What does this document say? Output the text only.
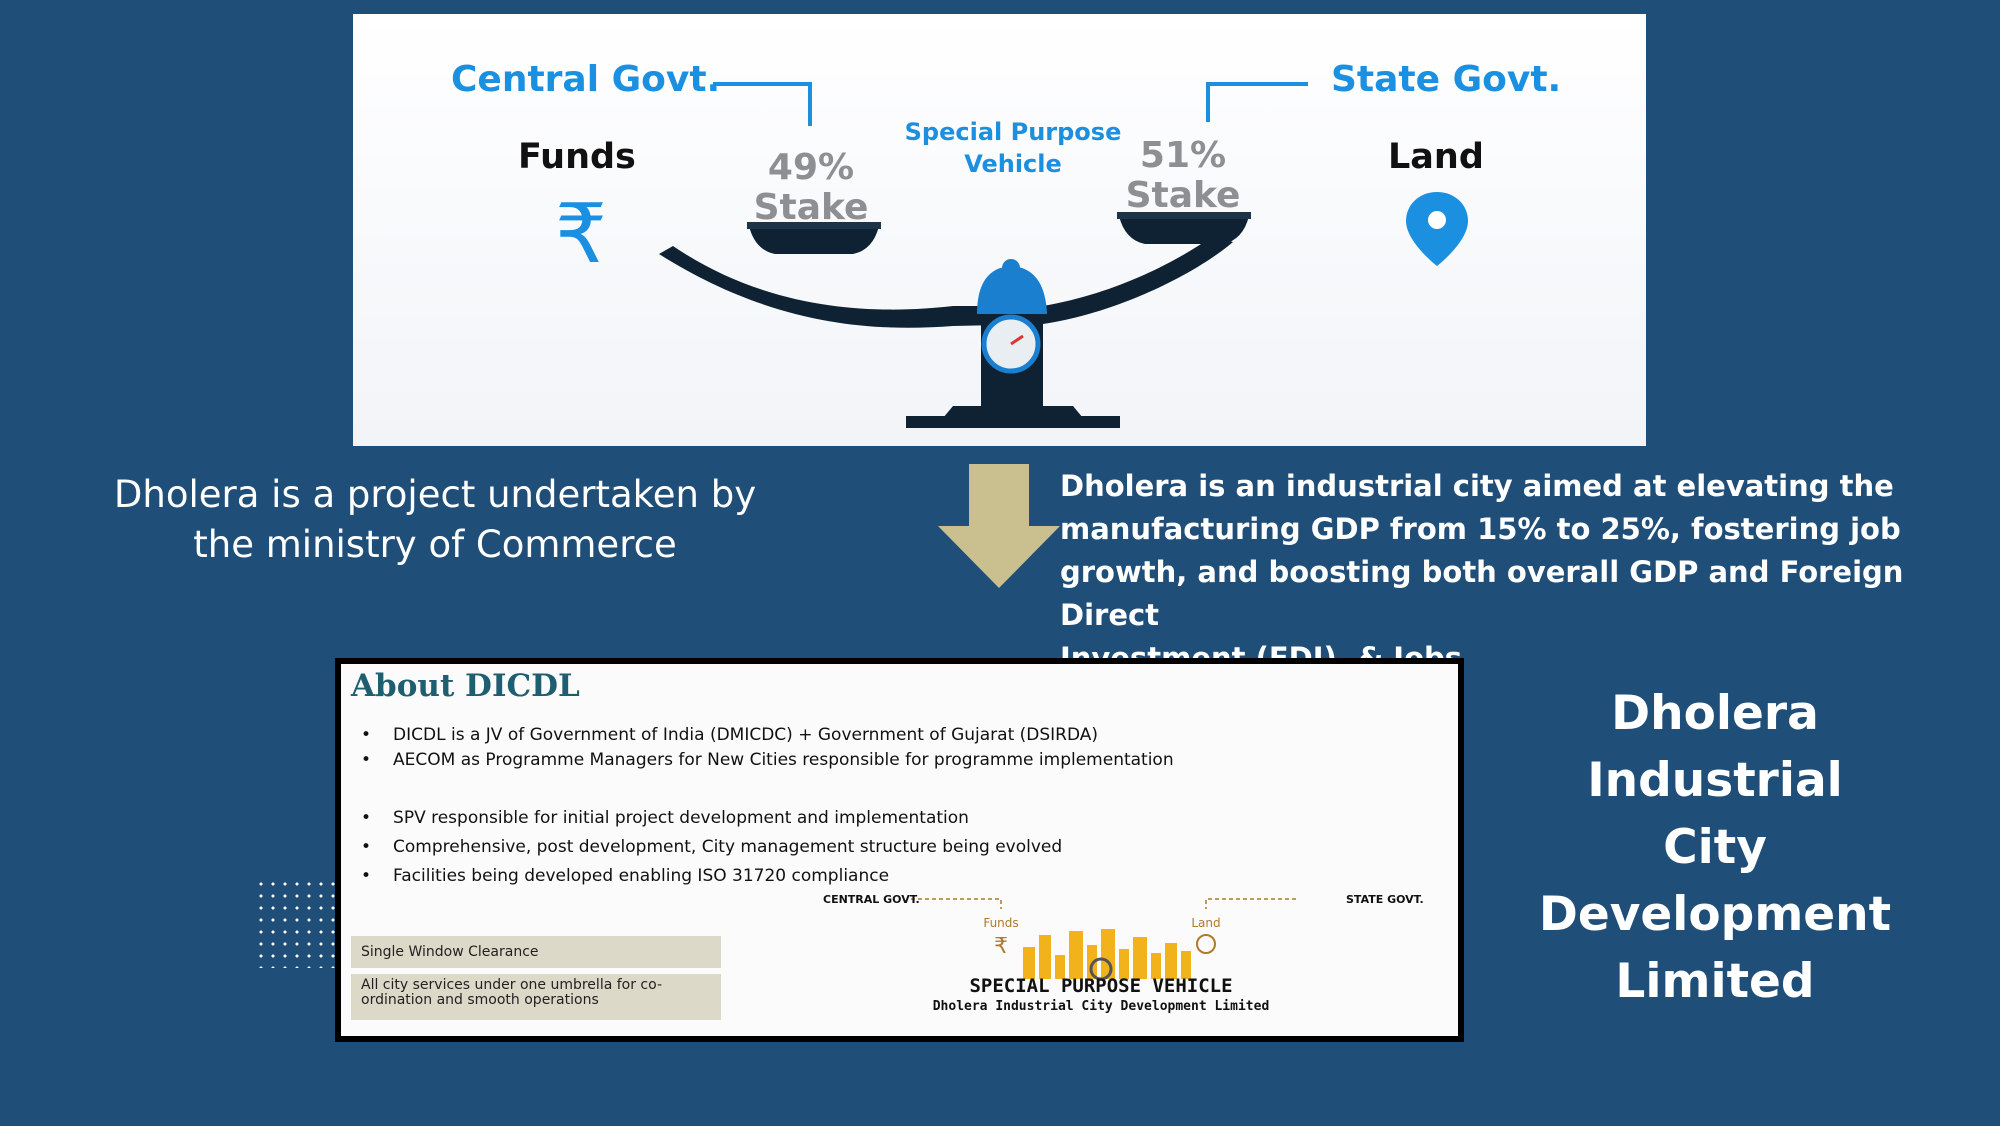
₹
Central Govt.	State Govt.
Funds	Land
49%
Stake
51%
Stake
Special Purpose
Vehicle
Dholera is a project undertaken by
the ministry of Commerce
Dholera is an industrial city aimed at elevating the
manufacturing GDP from 15% to 25%, fostering job
growth, and boosting both overall GDP and Foreign Direct
About DICDL
• DICDL is a JV of Government of India (DMICDC) + Government of Gujarat (DSIRDA)
• AECOM as Programme Managers for New Cities responsible for programme implementation
• SPV responsible for initial project development and implementation
• Comprehensive, post development, City management structure being evolved
• Facilities being developed enabling ISO 31720 compliance
Single Window Clearance
All city services under one umbrella for co-ordination and smooth operations
CENTRAL GOVT.	STATE GOVT.
Funds	Land
₹
SPECIAL PURPOSE VEHICLE
Dholera Industrial City Development Limited
Dholera
Industrial
City
Development
Limited
